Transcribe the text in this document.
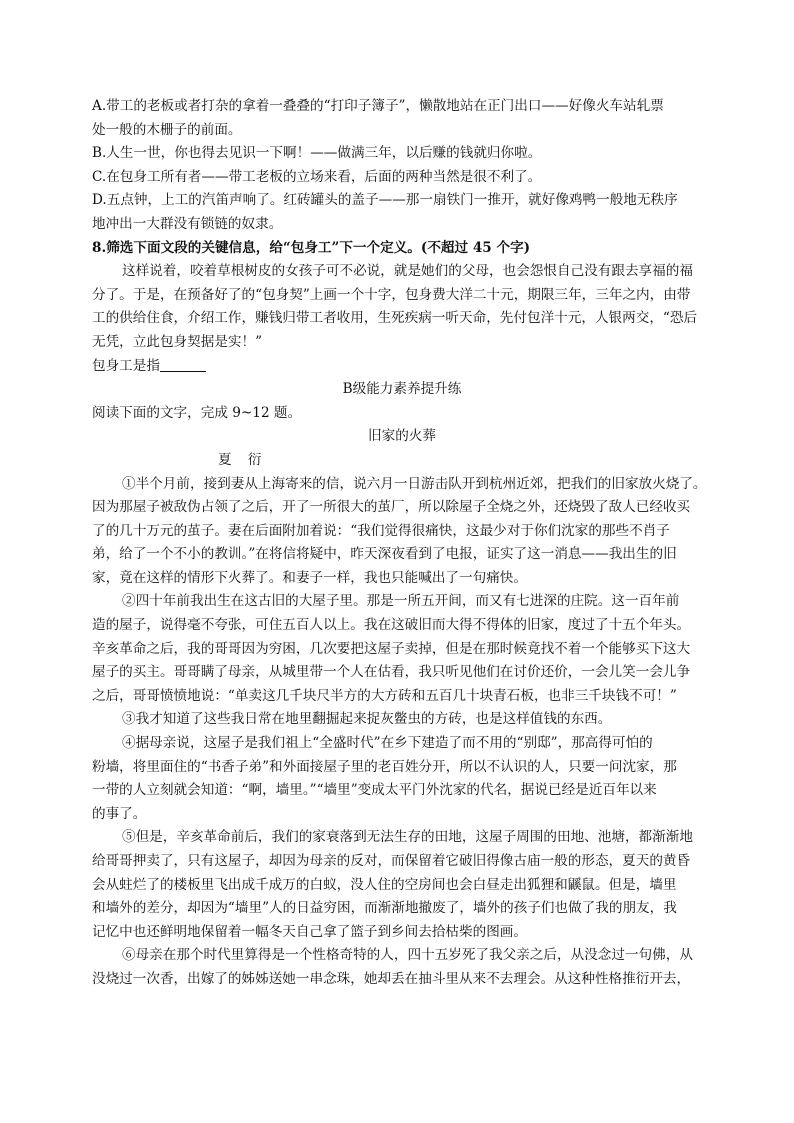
A.带工的老板或者打杂的拿着一叠叠的“打印子簿子”，懒散地站在正门出口——好像火车站轧票
处一般的木栅子的前面。
B.人生一世，你也得去见识一下啊！——做满三年，以后赚的钱就归你啦。
C.在包身工所有者——带工老板的立场来看，后面的两种当然是很不利了。
D.五点钟，上工的汽笛声响了。红砖罐头的盖子——那一扇铁门一推开，就好像鸡鸭一般地无秩序
地冲出一大群没有锁链的奴隶。
8.筛选下面文段的关键信息，给“包身工”下一个定义。(不超过 45 个字)
这样说着，咬着草根树皮的女孩子可不必说，就是她们的父母，也会怨恨自己没有跟去享福的福
分了。于是，在预备好了的“包身契”上画一个十字，包身费大洋二十元，期限三年，三年之内，由带
工的供给住食，介绍工作，赚钱归带工者收用，生死疾病一听天命，先付包洋十元，人银两交，“恐后
无凭，立此包身契据是实！”
包身工是指
B级能力素养提升练
阅读下面的文字，完成 9~12 题。
旧家的火葬
夏 衍
①半个月前，接到妻从上海寄来的信，说六月一日游击队开到杭州近郊，把我们的旧家放火烧了。
因为那屋子被敌伪占领了之后，开了一所很大的茧厂，所以除屋子全烧之外，还烧毁了敌人已经收买
了的几十万元的茧子。妻在后面附加着说：“我们觉得很痛快，这最少对于你们沈家的那些不肖子
弟，给了一个不小的教训。”在将信将疑中，昨天深夜看到了电报，证实了这一消息——我出生的旧
家，竟在这样的情形下火葬了。和妻子一样，我也只能喊出了一句痛快。
②四十年前我出生在这古旧的大屋子里。那是一所五开间，而又有七进深的庄院。这一百年前
造的屋子，说得毫不夸张，可住五百人以上。我在这破旧而大得不得体的旧家，度过了十五个年头。
辛亥革命之后，我的哥哥因为穷困，几次要把这屋子卖掉，但是在那时候竟找不着一个能够买下这大
屋子的买主。哥哥瞒了母亲，从城里带一个人在估看，我只听见他们在讨价还价，一会儿笑一会儿争
之后，哥哥愤愤地说：“单卖这几千块尺半方的大方砖和五百几十块青石板，也非三千块钱不可！”
③我才知道了这些我日常在地里翻掘起来捉灰鳖虫的方砖，也是这样值钱的东西。
④据母亲说，这屋子是我们祖上“全盛时代”在乡下建造了而不用的“别邸”，那高得可怕的
粉墙，将里面住的“书香子弟”和外面接屋子里的老百姓分开，所以不认识的人，只要一问沈家，那
一带的人立刻就会知道：“啊，墙里。”“墙里”变成太平门外沈家的代名，据说已经是近百年以来
的事了。
⑤但是，辛亥革命前后，我们的家衰落到无法生存的田地，这屋子周围的田地、池塘，都渐渐地
给哥哥押卖了，只有这屋子，却因为母亲的反对，而保留着它破旧得像古庙一般的形态，夏天的黄昏
会从蛀烂了的楼板里飞出成千成万的白蚁，没人住的空房间也会白昼走出狐狸和鼷鼠。但是，墙里
和墙外的差分，却因为“墙里”人的日益穷困，而渐渐地撤废了，墙外的孩子们也做了我的朋友，我
记忆中也还鲜明地保留着一幅冬天自己拿了篮子到乡间去拾枯柴的图画。
⑥母亲在那个时代里算得是一个性格奇特的人，四十五岁死了我父亲之后，从没念过一句佛，从
没烧过一次香，出嫁了的姊姊送她一串念珠，她却丢在抽斗里从来不去理会。从这种性格推衍开去，
